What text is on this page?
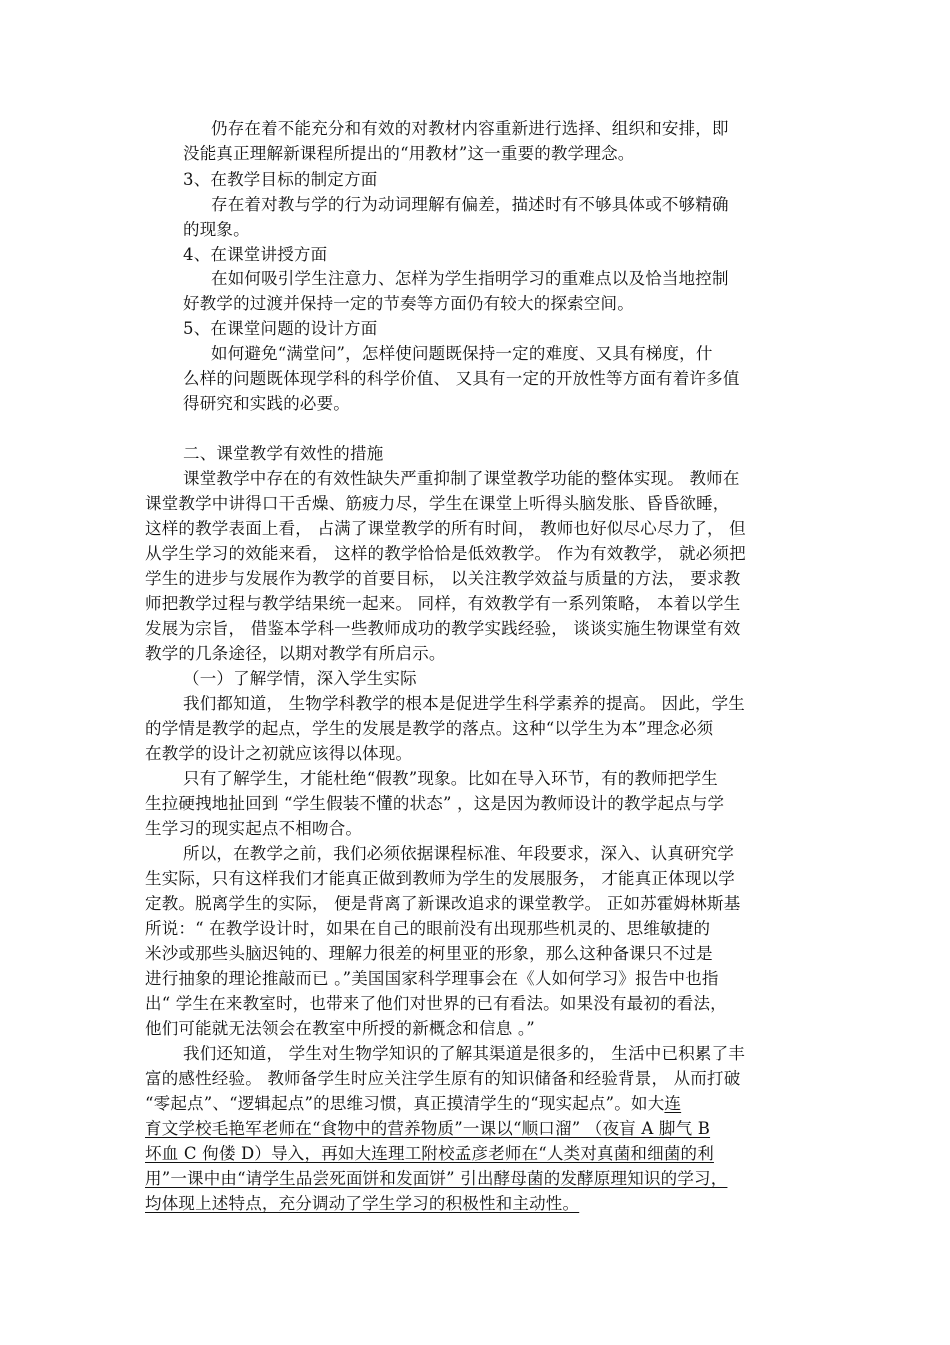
仍存在着不能充分和有效的对教材内容重新进行选择、组织和安排，即
没能真正理解新课程所提出的“用教材”这一重要的教学理念。
3、在教学目标的制定方面
存在着对教与学的行为动词理解有偏差，描述时有不够具体或不够精确
的现象。
4、在课堂讲授方面
在如何吸引学生注意力、怎样为学生指明学习的重难点以及恰当地控制
好教学的过渡并保持一定的节奏等方面仍有较大的探索空间。
5、在课堂问题的设计方面
如何避免“满堂问”，怎样使问题既保持一定的难度、又具有梯度，什
么样的问题既体现学科的科学价值、 又具有一定的开放性等方面有着许多值
得研究和实践的必要。
二、课堂教学有效性的措施
课堂教学中存在的有效性缺失严重抑制了课堂教学功能的整体实现。 教师在
课堂教学中讲得口干舌燥、筋疲力尽，学生在课堂上听得头脑发胀、昏昏欲睡，
这样的教学表面上看， 占满了课堂教学的所有时间， 教师也好似尽心尽力了， 但
从学生学习的效能来看， 这样的教学恰恰是低效教学。 作为有效教学， 就必须把
学生的进步与发展作为教学的首要目标， 以关注教学效益与质量的方法， 要求教
师把教学过程与教学结果统一起来。 同样，有效教学有一系列策略， 本着以学生
发展为宗旨， 借鉴本学科一些教师成功的教学实践经验， 谈谈实施生物课堂有效
教学的几条途径，以期对教学有所启示。
（一）了解学情，深入学生实际
我们都知道， 生物学科教学的根本是促进学生科学素养的提高。 因此，学生
的学情是教学的起点，学生的发展是教学的落点。这种“以学生为本”理念必须
在教学的设计之初就应该得以体现。
只有了解学生，才能杜绝“假教”现象。比如在导入环节，有的教师把学生
生拉硬拽地扯回到 “学生假装不懂的状态” ，这是因为教师设计的教学起点与学
生学习的现实起点不相吻合。
所以，在教学之前，我们必须依据课程标准、年段要求，深入、认真研究学
生实际，只有这样我们才能真正做到教师为学生的发展服务， 才能真正体现以学
定教。脱离学生的实际， 便是背离了新课改追求的课堂教学。 正如苏霍姆林斯基
所说：“ 在教学设计时，如果在自己的眼前没有出现那些机灵的、思维敏捷的
米沙或那些头脑迟钝的、理解力很差的柯里亚的形象，那么这种备课只不过是
进行抽象的理论推敲而已 。”美国国家科学理事会在《人如何学习》报告中也指
出“ 学生在来教室时，也带来了他们对世界的已有看法。如果没有最初的看法，
他们可能就无法领会在教室中所授的新概念和信息 。”
我们还知道， 学生对生物学知识的了解其渠道是很多的， 生活中已积累了丰
富的感性经验。 教师备学生时应关注学生原有的知识储备和经验背景， 从而打破
“零起点”、“逻辑起点”的思维习惯，真正摸清学生的“现实起点”。如大连
育文学校毛艳军老师在“食物中的营养物质”一课以“顺口溜” （夜盲 A 脚气 B
坏血 C 佝偻 D）导入，再如大连理工附校孟彦老师在“人类对真菌和细菌的利
用”一课中由“请学生品尝死面饼和发面饼” 引出酵母菌的发酵原理知识的学习，
均体现上述特点，充分调动了学生学习的积极性和主动性。
